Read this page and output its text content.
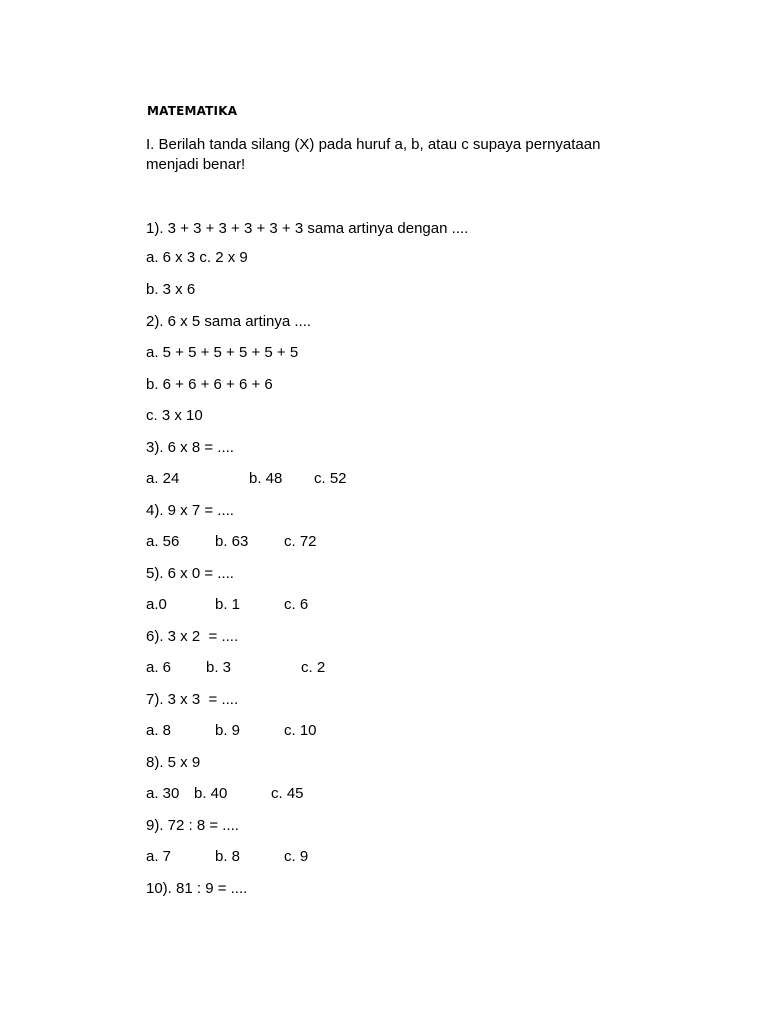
MATEMATIKA
I. Berilah tanda silang (X) pada huruf a, b, atau c supaya pernyataan menjadi benar!
1). 3 + 3 + 3 + 3 + 3 + 3 sama artinya dengan ....
a. 6 x 3 c. 2 x 9
b. 3 x 6
2). 6 x 5 sama artinya ....
a. 5 + 5 + 5 + 5 + 5 + 5
b. 6 + 6 + 6 + 6 + 6
c. 3 x 10
3). 6 x 8 = ....
a. 24	b. 48 c. 52
4). 9 x 7 = ....
a. 56 b. 63 c. 72
5). 6 x 0 = ....
a.0	b. 1	c. 6
6). 3 x 2  = ....
a. 6 b. 3	c. 2
7). 3 x 3  = ....
a. 8	b. 9	c. 10
8). 5 x 9
a. 30 b. 40	c. 45
9). 72 : 8 = ....
a. 7	b. 8	c. 9
10). 81 : 9 = ....
